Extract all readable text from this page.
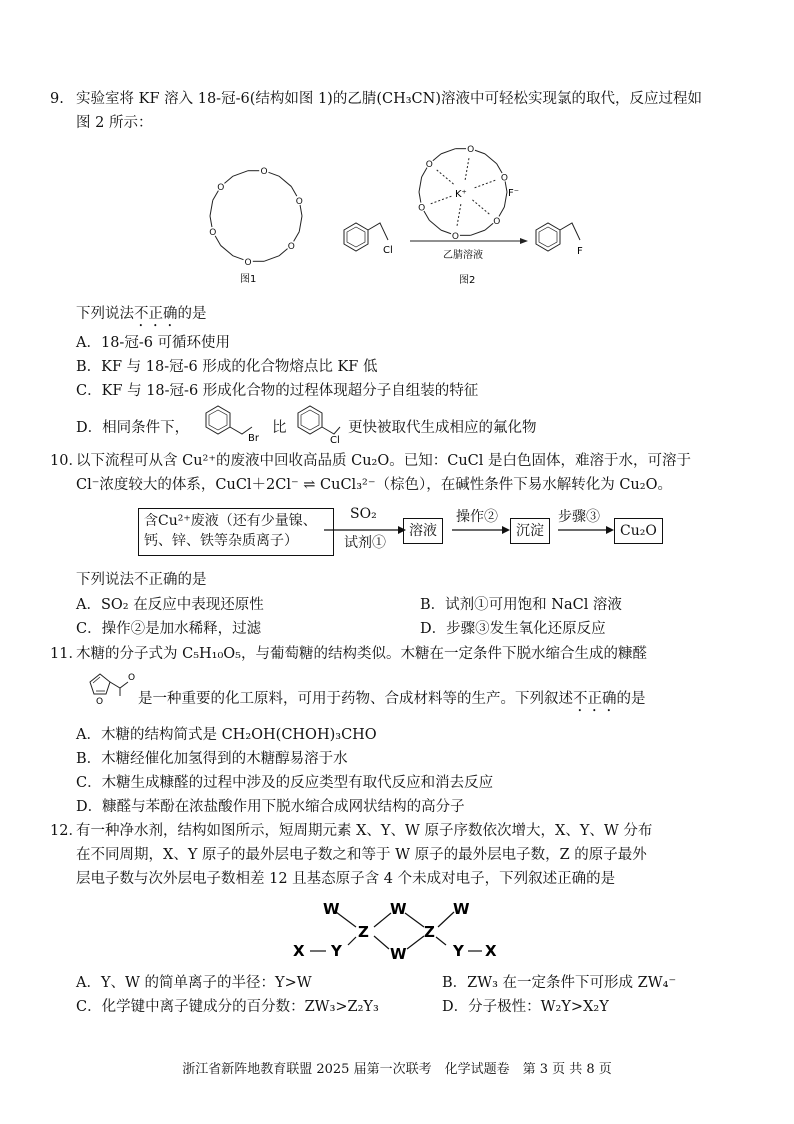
9. 实验室将 KF 溶入 18-冠-6(结构如图 1)的乙腈(CH₃CN)溶液中可轻松实现氯的取代，反应过程如
图 2 所示：
O
O
O
O
O
O
图1
Cl
O
O
O
O
O
O
K⁺	F⁻
乙腈溶液
图2
F
下列说法不正确的是
A．18-冠-6 可循环使用
B．KF 与 18-冠-6 形成的化合物熔点比 KF 低
C．KF 与 18-冠-6 形成化合物的过程体现超分子自组装的特征
D．相同条件下，
Br
比
Cl
更快被取代生成相应的氟化物
10．
以下流程可从含 Cu²⁺的废液中回收高品质 Cu₂O。已知：CuCl 是白色固体，难溶于水，可溶于
Cl⁻浓度较大的体系，CuCl＋2Cl⁻ ⇌ CuCl₃²⁻（棕色），在碱性条件下易水解转化为 Cu₂O。
含Cu²⁺废液（还有少量镍、
钙、锌、铁等杂质离子）
SO₂
试剂①
溶液
操作②
沉淀
步骤③
Cu₂O
下列说法不正确的是
A．SO₂ 在反应中表现还原性	B．试剂①可用饱和 NaCl 溶液
C．操作②是加水稀释，过滤	D．步骤③发生氧化还原反应
11．
木糖的分子式为 C₅H₁₀O₅，与葡萄糖的结构类似。木糖在一定条件下脱水缩合生成的糠醛
O
O
是一种重要的化工原料，可用于药物、合成材料等的生产。下列叙述不正确的是
A．木糖的结构简式是 CH₂OH(CHOH)₃CHO
B．木糖经催化加氢得到的木糖醇易溶于水
C．木糖生成糠醛的过程中涉及的反应类型有取代反应和消去反应
D．糠醛与苯酚在浓盐酸作用下脱水缩合成网状结构的高分子
12．
有一种净水剂，结构如图所示，短周期元素 X、Y、W 原子序数依次增大，X、Y、W 分布
在不同周期，X、Y 原子的最外层电子数之和等于 W 原子的最外层电子数，Z 的原子最外
层电子数与次外层电子数相差 12 且基态原子含 4 个未成对电子，下列叙述正确的是
W	W	W
Z	Z
W
X Y	Y X
A．Y、W 的简单离子的半径：Y>W	B．ZW₃ 在一定条件下可形成 ZW₄⁻
C．化学键中离子键成分的百分数：ZW₃>Z₂Y₃	D．分子极性：W₂Y>X₂Y
浙江省新阵地教育联盟 2025 届第一次联考　化学试题卷　第 3 页 共 8 页
